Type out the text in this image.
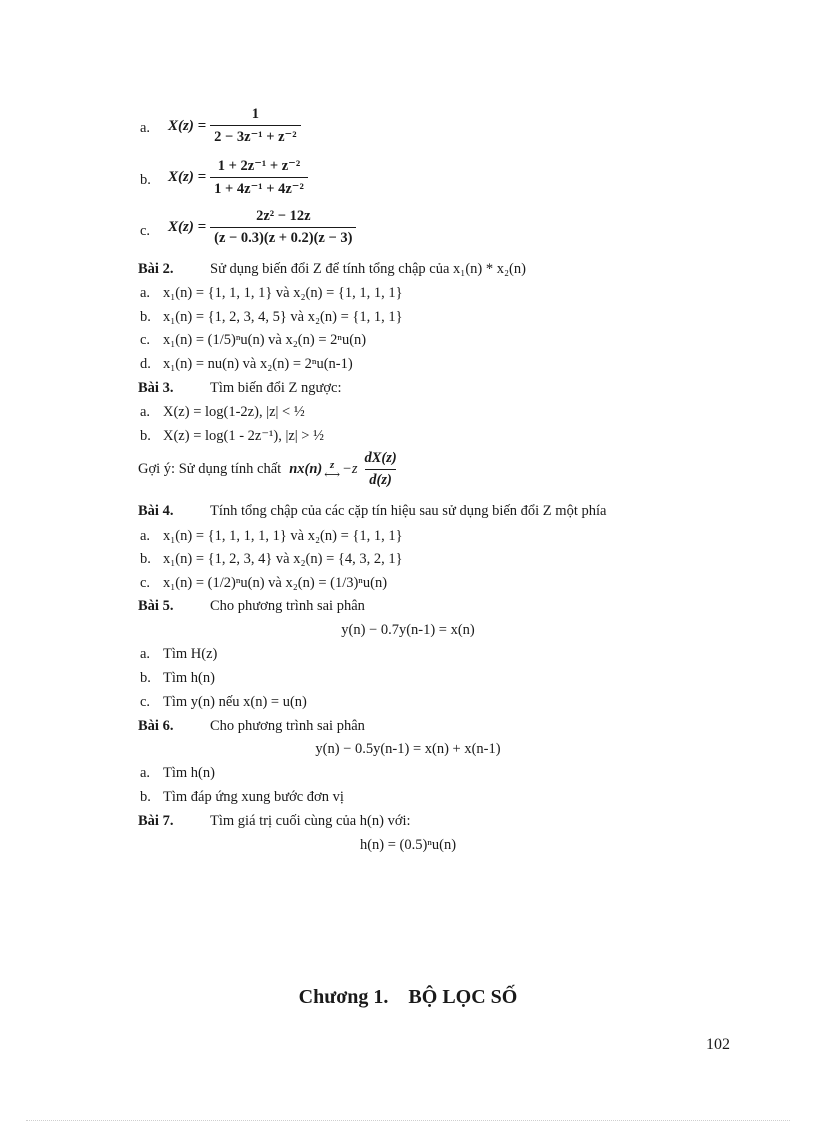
a. $X(z) = \frac{1}{\text{2 − 3z⁻¹ + z⁻²}}$
b. $X(z) = \frac{\text{1 + 2z⁻¹ + z⁻²}}{\text{1 + 4z⁻¹ + 4z⁻²}}$
c. $X(z) = \frac{\text{2z² − 12z}}{(z - 0.3)(z + 0.2)(z - 3)}$
Bài 2.	Sử dụng biến đổi Z để tính tổng chập của x₁(n) * x₂(n)
a. x₁(n) = {1, 1, 1, 1} và x₂(n) = {1, 1, 1, 1}
b. x₁(n) = {1, 2, 3, 4, 5} và x₂(n) = {1, 1, 1}
c. x₁(n) = (1/5)ⁿu(n) và x₂(n) = 2ⁿu(n)
d. x₁(n) = nu(n) và x₂(n) = 2ⁿu(n-1)
Bài 3.	Tìm biến đổi Z ngược:
a. X(z) = log(1-2z), |z| < ½
b. X(z) = log(1 - 2z⁻¹), |z| > ½
Gợi ý: Sử dụng tính chất nx(n) z
⟷ $-z \frac{dX(z)}{d(z)}$
Bài 4.	Tính tổng chập của các cặp tín hiệu sau sử dụng biến đổi Z một phía
a. x₁(n) = {1, 1, 1, 1, 1} và x₂(n) = {1, 1, 1}
b. x₁(n) = {1, 2, 3, 4} và x₂(n) = {4, 3, 2, 1}
c. x₁(n) = (1/2)ⁿu(n) và x₂(n) = (1/3)ⁿu(n)
Bài 5.	Cho phương trình sai phân
y(n) − 0.7y(n-1) = x(n)
a. Tìm H(z)
b. Tìm h(n)
c. Tìm y(n) nếu x(n) = u(n)
Bài 6.	Cho phương trình sai phân
y(n) − 0.5y(n-1) = x(n) + x(n-1)
a. Tìm h(n)
b. Tìm đáp ứng xung bước đơn vị
Bài 7.	Tìm giá trị cuối cùng của h(n) với:
h(n) = (0.5)ⁿu(n)
Chương 1. BỘ LỌC SỐ
102
